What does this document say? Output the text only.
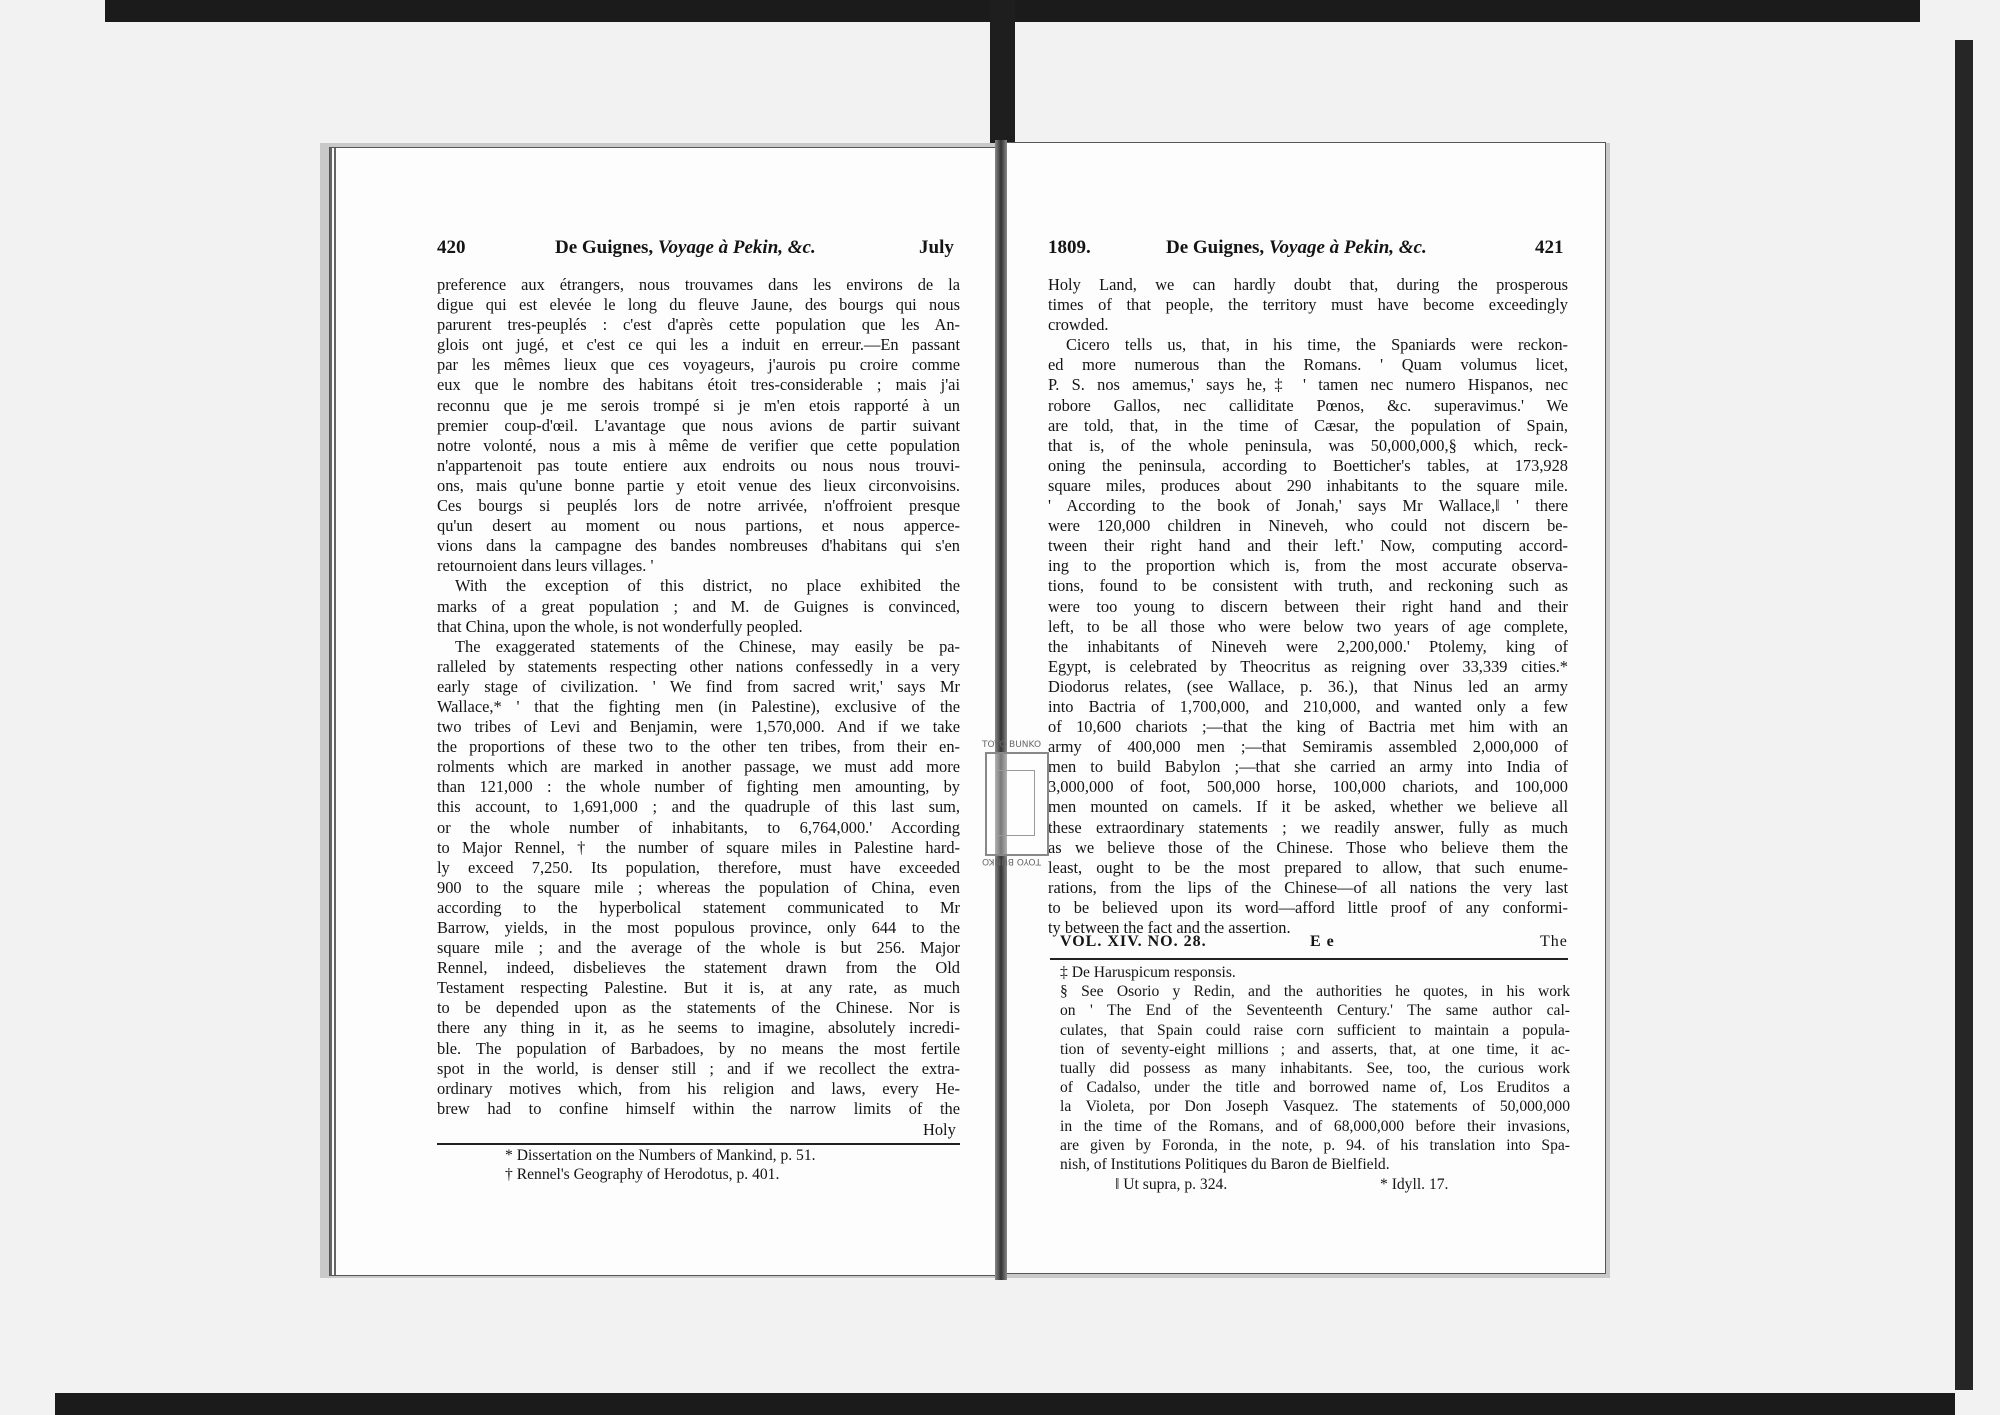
420	De Guignes, Voyage à Pekin, &c.	July
preference aux étrangers, nous trouvames dans les environs de la
digue qui est elevée le long du fleuve Jaune, des bourgs qui nous
parurent tres-peuplés : c'est d'après cette population que les An-
glois ont jugé, et c'est ce qui les a induit en erreur.—En passant
par les mêmes lieux que ces voyageurs, j'aurois pu croire comme
eux que le nombre des habitans étoit tres-considerable ; mais j'ai
reconnu que je me serois trompé si je m'en etois rapporté à un
premier coup-d'œil. L'avantage que nous avions de partir suivant
notre volonté, nous a mis à même de verifier que cette population
n'appartenoit pas toute entiere aux endroits ou nous nous trouvi-
ons, mais qu'une bonne partie y etoit venue des lieux circonvoisins.
Ces bourgs si peuplés lors de notre arrivée, n'offroient presque
qu'un desert au moment ou nous partions, et nous apperce-
vions dans la campagne des bandes nombreuses d'habitans qui s'en
retournoient dans leurs villages. '
With the exception of this district, no place exhibited the
marks of a great population ; and M. de Guignes is convinced,
that China, upon the whole, is not wonderfully peopled.
The exaggerated statements of the Chinese, may easily be pa-
ralleled by statements respecting other nations confessedly in a very
early stage of civilization. ' We find from sacred writ,' says Mr
Wallace,* ' that the fighting men (in Palestine), exclusive of the
two tribes of Levi and Benjamin, were 1,570,000. And if we take
the proportions of these two to the other ten tribes, from their en-
rolments which are marked in another passage, we must add more
than 121,000 : the whole number of fighting men amounting, by
this account, to 1,691,000 ; and the quadruple of this last sum,
or the whole number of inhabitants, to 6,764,000.' According
to Major Rennel, † the number of square miles in Palestine hard-
ly exceed 7,250. Its population, therefore, must have exceeded
900 to the square mile ; whereas the population of China, even
according to the hyperbolical statement communicated to Mr
Barrow, yields, in the most populous province, only 644 to the
square mile ; and the average of the whole is but 256. Major
Rennel, indeed, disbelieves the statement drawn from the Old
Testament respecting Palestine. But it is, at any rate, as much
to be depended upon as the statements of the Chinese. Nor is
there any thing in it, as he seems to imagine, absolutely incredi-
ble. The population of Barbadoes, by no means the most fertile
spot in the world, is denser still ; and if we recollect the extra-
ordinary motives which, from his religion and laws, every He-
brew had to confine himself within the narrow limits of the
Holy
* Dissertation on the Numbers of Mankind, p. 51.
† Rennel's Geography of Herodotus, p. 401.
1809.	De Guignes, Voyage à Pekin, &c.	421
Holy Land, we can hardly doubt that, during the prosperous
times of that people, the territory must have become exceedingly
crowded.
Cicero tells us, that, in his time, the Spaniards were reckon-
ed more numerous than the Romans. ' Quam volumus licet,
P. S. nos amemus,' says he,‡ ' tamen nec numero Hispanos, nec
robore Gallos, nec calliditate Pœnos, &c. superavimus.' We
are told, that, in the time of Cæsar, the population of Spain,
that is, of the whole peninsula, was 50,000,000,§ which, reck-
oning the peninsula, according to Boetticher's tables, at 173,928
square miles, produces about 290 inhabitants to the square mile.
' According to the book of Jonah,' says Mr Wallace,‖ ' there
were 120,000 children in Nineveh, who could not discern be-
tween their right hand and their left.' Now, computing accord-
ing to the proportion which is, from the most accurate observa-
tions, found to be consistent with truth, and reckoning such as
were too young to discern between their right hand and their
left, to be all those who were below two years of age complete,
the inhabitants of Nineveh were 2,200,000.' Ptolemy, king of
Egypt, is celebrated by Theocritus as reigning over 33,339 cities.*
Diodorus relates, (see Wallace, p. 36.), that Ninus led an army
into Bactria of 1,700,000, and 210,000, and wanted only a few
of 10,600 chariots ;—that the king of Bactria met him with an
army of 400,000 men ;—that Semiramis assembled 2,000,000 of
men to build Babylon ;—that she carried an army into India of
3,000,000 of foot, 500,000 horse, 100,000 chariots, and 100,000
men mounted on camels. If it be asked, whether we believe all
these extraordinary statements ; we readily answer, fully as much
as we believe those of the Chinese. Those who believe them the
least, ought to be the most prepared to allow, that such enume-
rations, from the lips of the Chinese—of all nations the very last
to be believed upon its word—afford little proof of any conformi-
ty between the fact and the assertion.
VOL. XIV. NO. 28.	E e	The
‡ De Haruspicum responsis.
§ See Osorio y Redin, and the authorities he quotes, in his work
on ' The End of the Seventeenth Century.' The same author cal-
culates, that Spain could raise corn sufficient to maintain a popula-
tion of seventy-eight millions ; and asserts, that, at one time, it ac-
tually did possess as many inhabitants. See, too, the curious work
of Cadalso, under the title and borrowed name of, Los Eruditos a
la Violeta, por Don Joseph Vasquez. The statements of 50,000,000
in the time of the Romans, and of 68,000,000 before their invasions,
are given by Foronda, in the note, p. 94. of his translation into Spa-
nish, of Institutions Politiques du Baron de Bielfield.
‖ Ut supra, p. 324.	* Idyll. 17.
TOYO BUNKO
TOYO BUNKO
